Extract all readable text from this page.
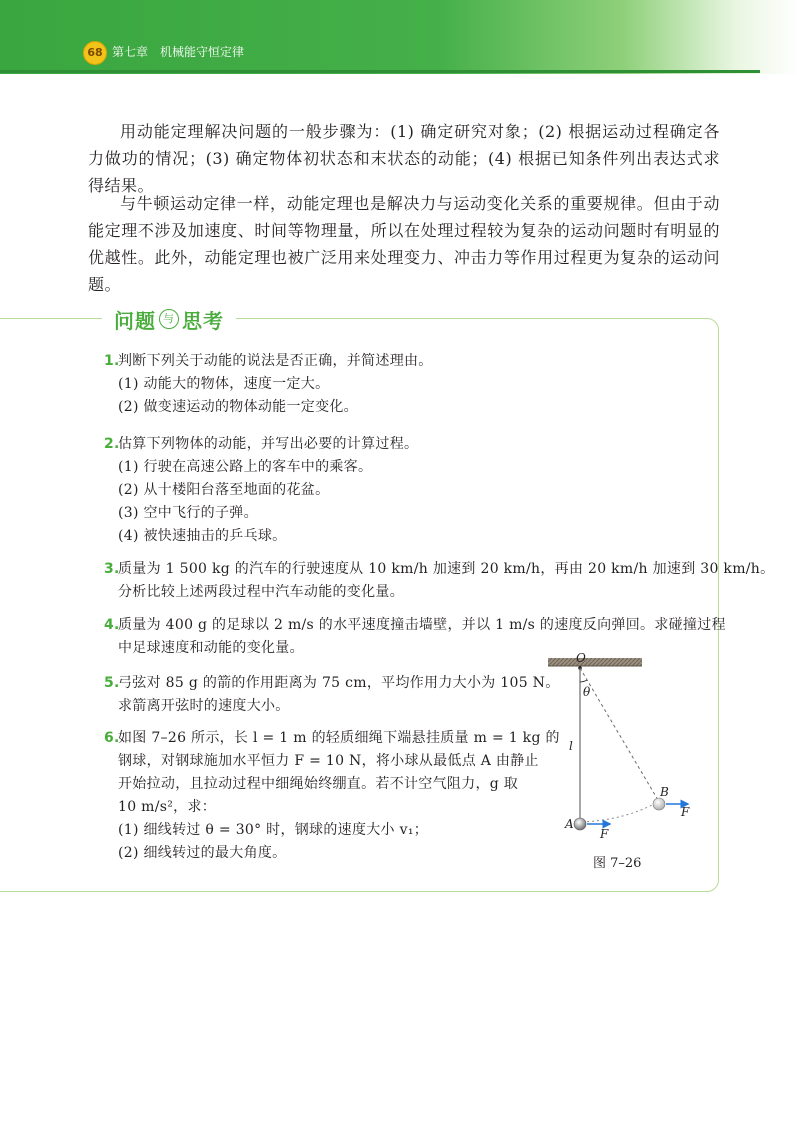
68 第七章　机械能守恒定律

用动能定理解决问题的一般步骤为：(1) 确定研究对象；(2) 根据运动过程确定各力做功的情况；(3) 确定物体初状态和末状态的动能；(4) 根据已知条件列出表达式求得结果。

与牛顿运动定律一样，动能定理也是解决力与运动变化关系的重要规律。但由于动能定理不涉及加速度、时间等物理量，所以在处理过程较为复杂的运动问题时有明显的优越性。此外，动能定理也被广泛用来处理变力、冲击力等作用过程更为复杂的运动问题。

问题 与 思考
1.判断下列关于动能的说法是否正确，并简述理由。
(1) 动能大的物体，速度一定大。
(2) 做变速运动的物体动能一定变化。
2.估算下列物体的动能，并写出必要的计算过程。
(1) 行驶在高速公路上的客车中的乘客。
(2) 从十楼阳台落至地面的花盆。
(3) 空中飞行的子弹。
(4) 被快速抽击的乒乓球。
3.质量为 1 500 kg 的汽车的行驶速度从 10 km/h 加速到 20 km/h，再由 20 km/h 加速到 30 km/h。
分析比较上述两段过程中汽车动能的变化量。
4.质量为 400 g 的足球以 2 m/s 的水平速度撞击墙壁，并以 1 m/s 的速度反向弹回。求碰撞过程
中足球速度和动能的变化量。
5.弓弦对 85 g 的箭的作用距离为 75 cm，平均作用力大小为 105 N。
求箭离开弦时的速度大小。
6.如图 7–26 所示，长 l = 1 m 的轻质细绳下端悬挂质量 m = 1 kg 的
钢球，对钢球施加水平恒力 F = 10 N，将小球从最低点 A 由静止
开始拉动，且拉动过程中细绳始终绷直。若不计空气阻力，g 取
10 m/s²，求：
(1) 细线转过 θ = 30° 时，钢球的速度大小 v₁；
(2) 细线转过的最大角度。
O
θ
l
A
F
B
F
图 7–26
